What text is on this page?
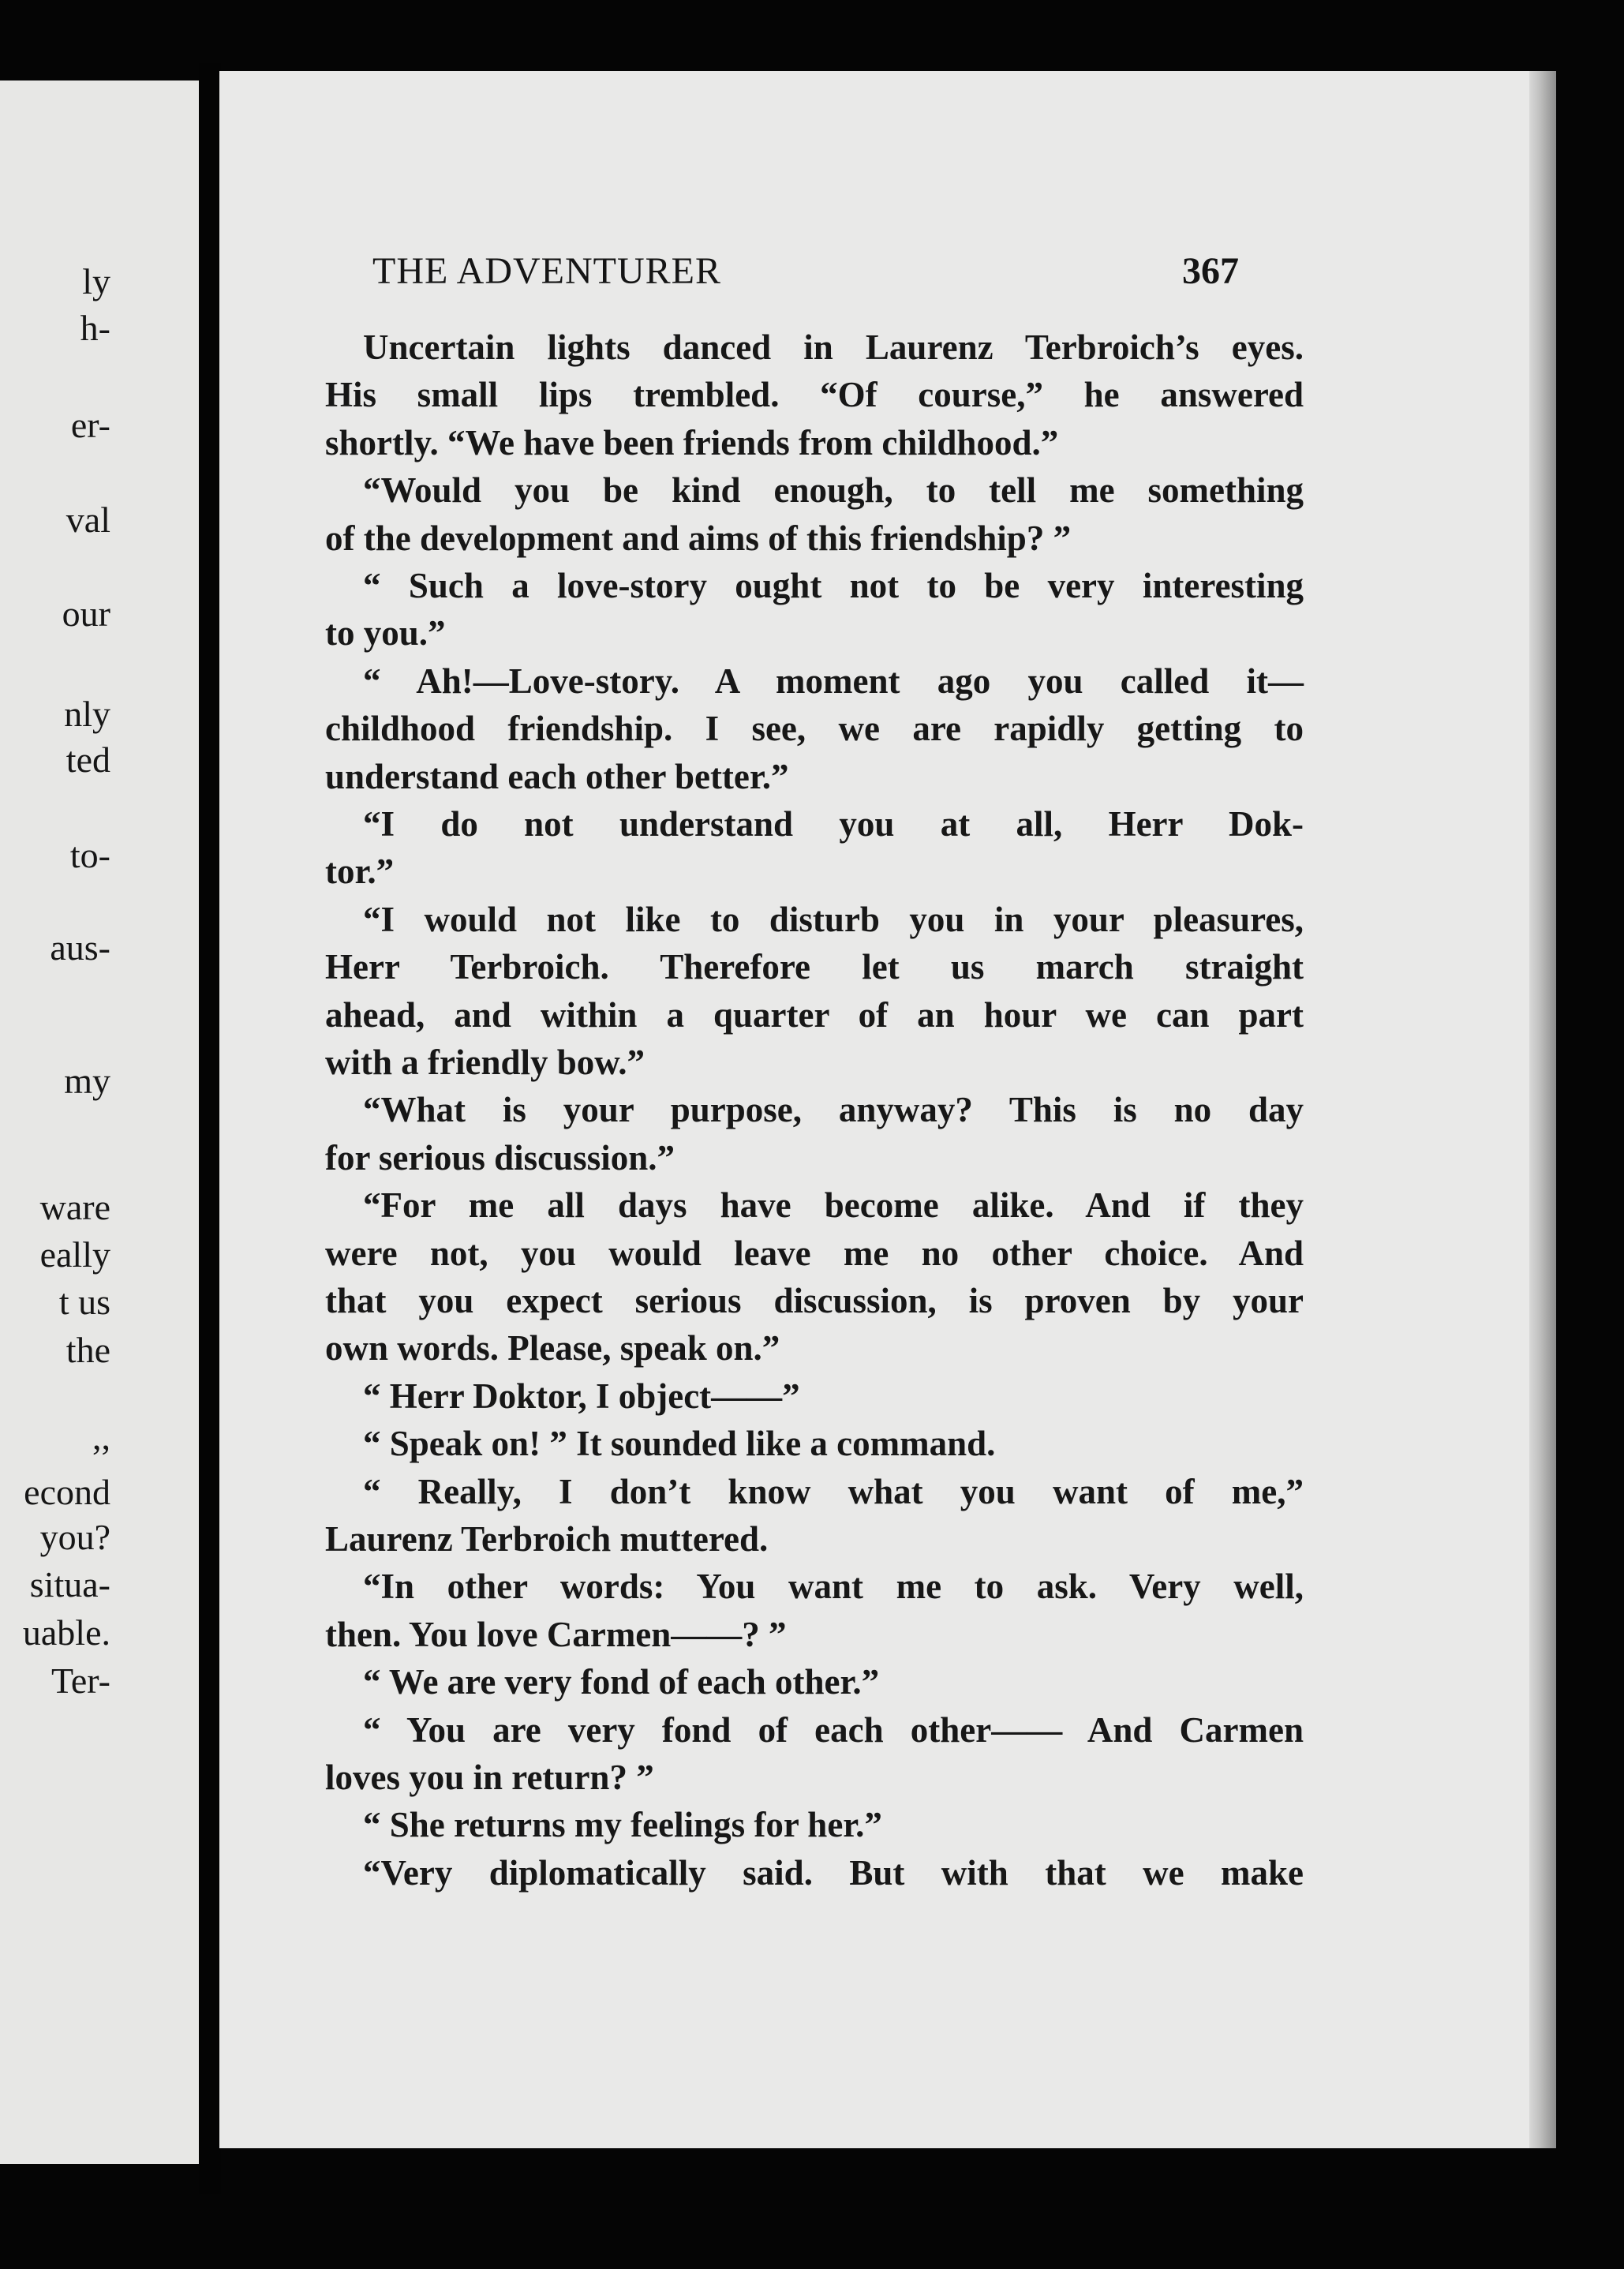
ly
h-
er-
val
our
nly
ted
to-
aus-
my
ware
eally
t us
the
,,
econd
you?
situa-
uable.
Ter-
THE ADVENTURER	367
Uncertain lights danced in Laurenz Terbroich’s eyes.
His small lips trembled. “Of course,” he answered
shortly. “We have been friends from childhood.”
“Would you be kind enough, to tell me something
of the development and aims of this friendship? ”
“ Such a love-story ought not to be very interesting
to you.”
“ Ah!—Love-story. A moment ago you called it—
childhood friendship. I see, we are rapidly getting to
understand each other better.”
“I do not understand you at all, Herr Dok-
tor.”
“I would not like to disturb you in your pleasures,
Herr Terbroich. Therefore let us march straight
ahead, and within a quarter of an hour we can part
with a friendly bow.”
“What is your purpose, anyway? This is no day
for serious discussion.”
“For me all days have become alike. And if they
were not, you would leave me no other choice. And
that you expect serious discussion, is proven by your
own words. Please, speak on.”
“ Herr Doktor, I object——”
“ Speak on! ” It sounded like a command.
“ Really, I don’t know what you want of me,”
Laurenz Terbroich muttered.
“In other words: You want me to ask. Very well,
then. You love Carmen——? ”
“ We are very fond of each other.”
“ You are very fond of each other—— And Carmen
loves you in return? ”
“ She returns my feelings for her.”
“Very diplomatically said. But with that we make
